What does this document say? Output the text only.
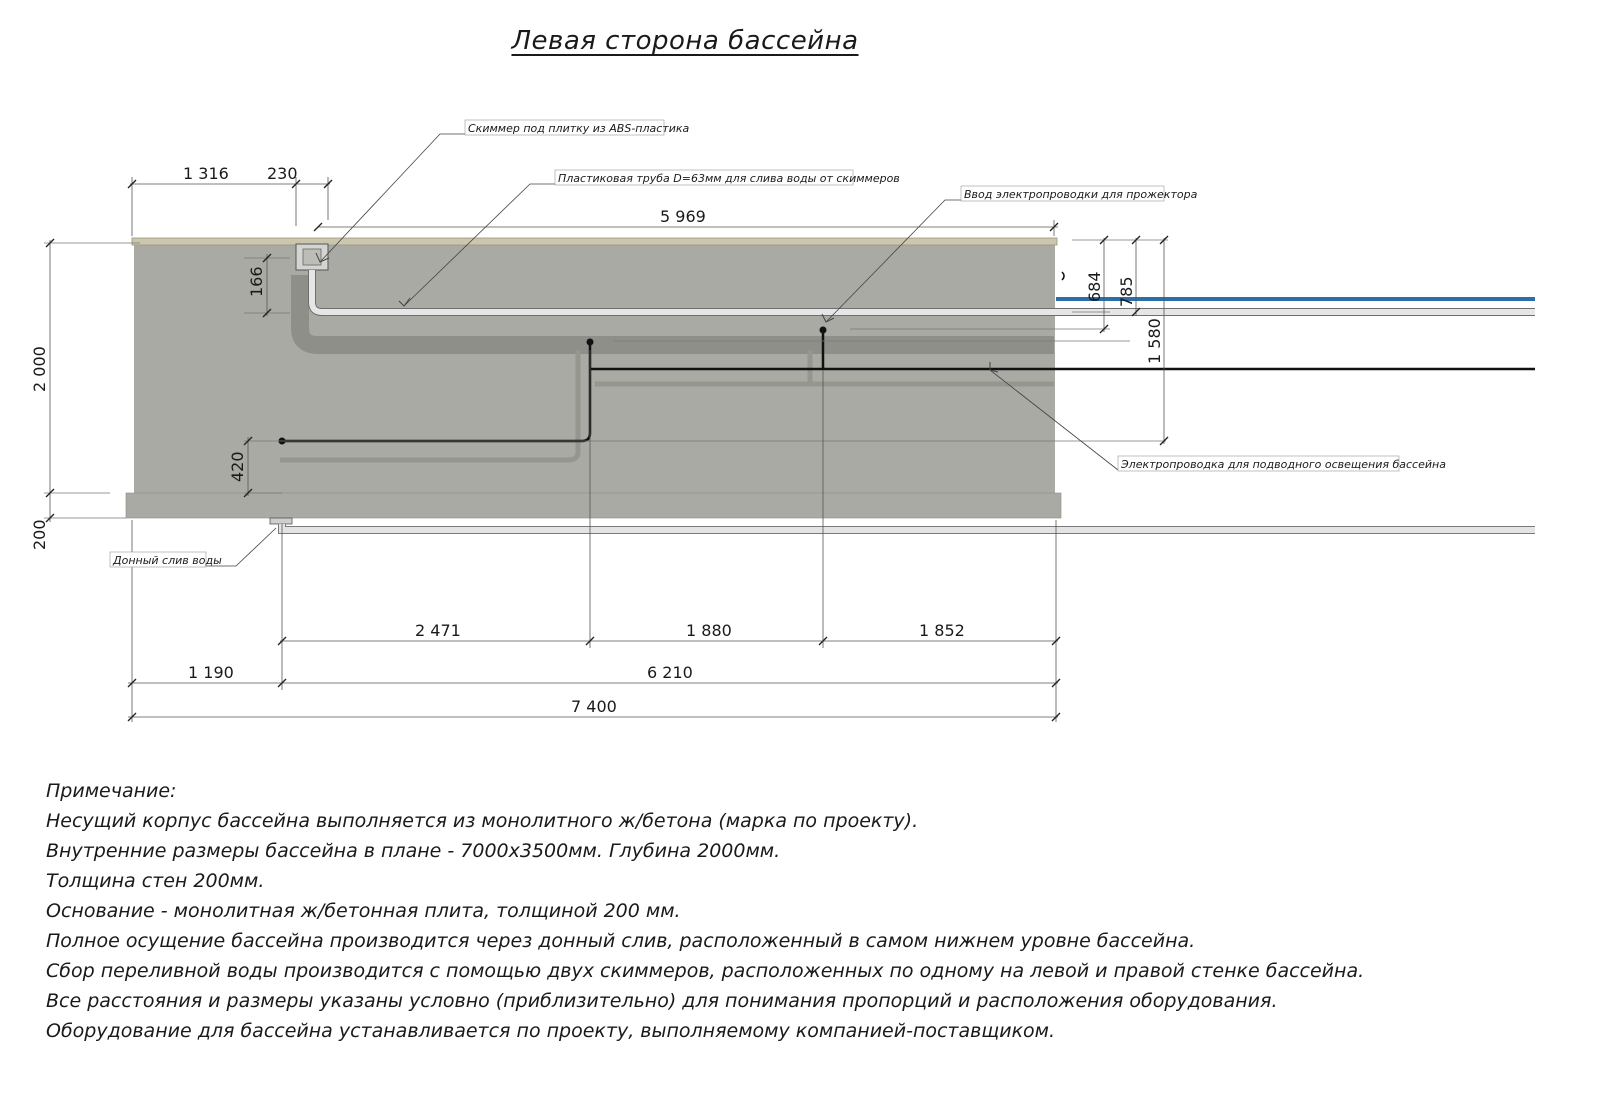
Левая сторона бассейна
1 316 230
5 969
2 000
166
420
200
684 785
1 580
2 471	1 880	1 852
1 190	6 210
7 400
Скиммер под плитку из ABS-пластика
Пластиковая труба D=63мм для слива воды от скиммеров
Ввод электропроводки для прожектора
Электропроводка для подводного освещения бассейна
Донный слив воды
Примечание:
Несущий корпус бассейна выполняется из монолитного ж/бетона (марка по проекту).
Внутренние размеры бассейна в плане - 7000х3500мм. Глубина 2000мм.
Толщина стен 200мм.
Основание - монолитная ж/бетонная плита, толщиной 200 мм.
Полное осущение бассейна производится через донный слив, расположенный в самом нижнем уровне бассейна.
Сбор переливной воды производится с помощью двух скиммеров, расположенных по одному на левой и правой стенке бассейна.
Все расстояния и размеры указаны условно (приблизительно) для понимания пропорций и расположения оборудования.
Оборудование для бассейна устанавливается по проекту, выполняемому компанией-поставщиком.
